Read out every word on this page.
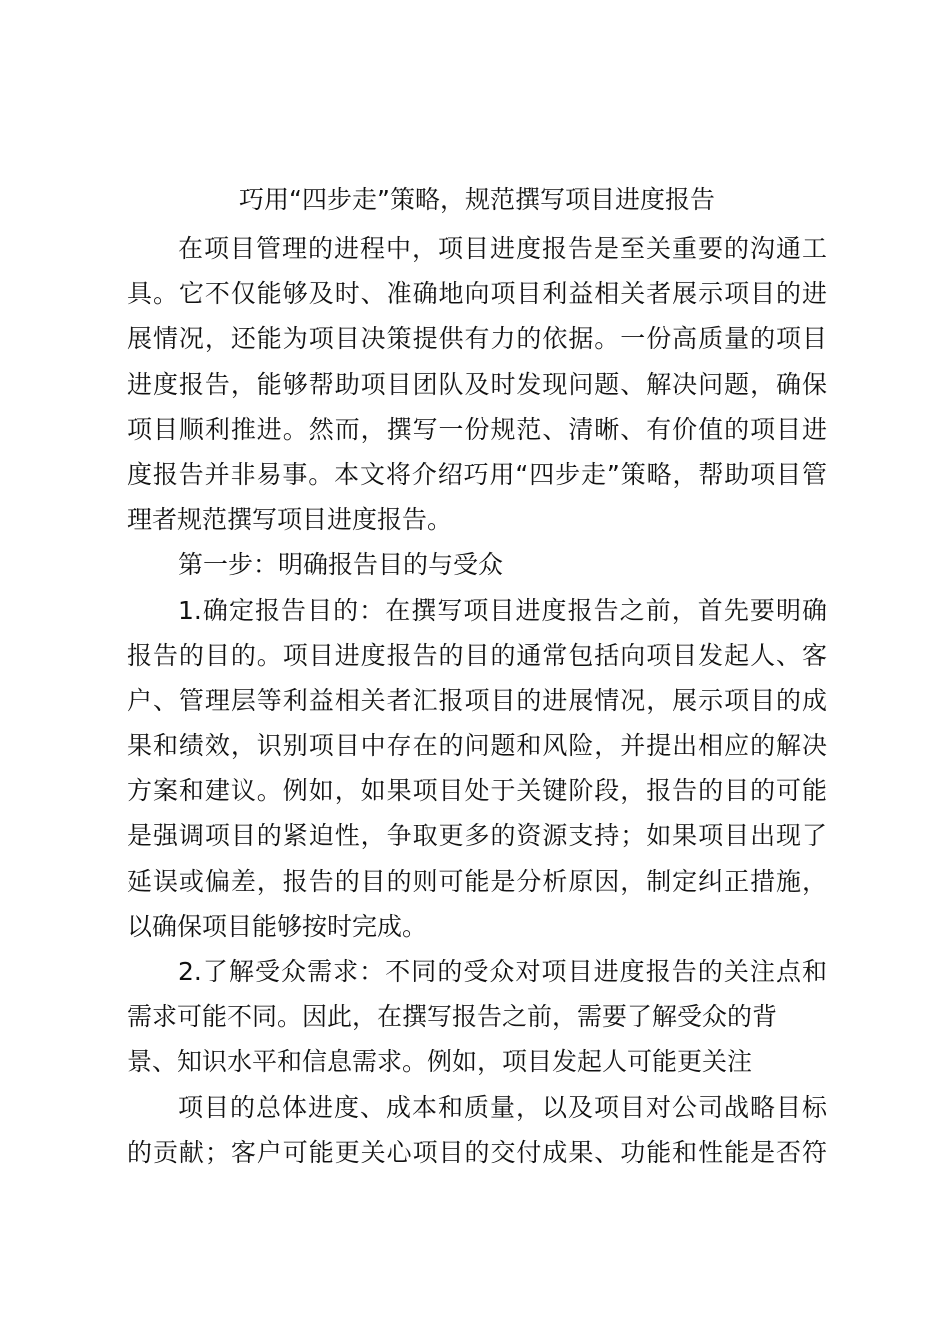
巧用“四步走”策略，规范撰写项目进度报告
在项目管理的进程中，项目进度报告是至关重要的沟通工
具。它不仅能够及时、准确地向项目利益相关者展示项目的进
展情况，还能为项目决策提供有力的依据。一份高质量的项目
进度报告，能够帮助项目团队及时发现问题、解决问题，确保
项目顺利推进。然而，撰写一份规范、清晰、有价值的项目进
度报告并非易事。本文将介绍巧用“四步走”策略，帮助项目管
理者规范撰写项目进度报告。
第一步：明确报告目的与受众
1.确定报告目的：在撰写项目进度报告之前，首先要明确
报告的目的。项目进度报告的目的通常包括向项目发起人、客
户、管理层等利益相关者汇报项目的进展情况，展示项目的成
果和绩效，识别项目中存在的问题和风险，并提出相应的解决
方案和建议。例如，如果项目处于关键阶段，报告的目的可能
是强调项目的紧迫性，争取更多的资源支持；如果项目出现了
延误或偏差，报告的目的则可能是分析原因，制定纠正措施，
以确保项目能够按时完成。
2.了解受众需求：不同的受众对项目进度报告的关注点和
需求可能不同。因此，在撰写报告之前，需要了解受众的背
景、知识水平和信息需求。例如，项目发起人可能更关注
项目的总体进度、成本和质量，以及项目对公司战略目标
的贡献；客户可能更关心项目的交付成果、功能和性能是否符
